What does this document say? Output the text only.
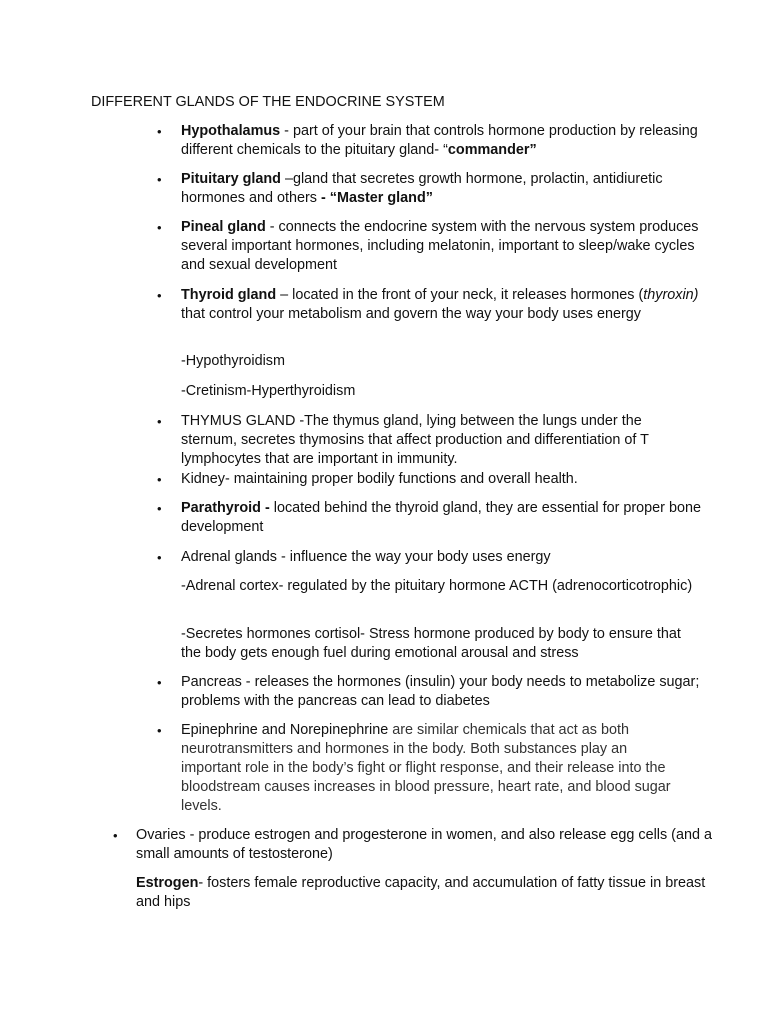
DIFFERENT GLANDS OF THE ENDOCRINE SYSTEM
• Hypothalamus - part of your brain that controls hormone production by releasing different chemicals to the pituitary gland- “commander”
• Pituitary gland –gland that secretes growth hormone, prolactin, antidiuretic hormones and others - “Master gland”
• Pineal gland - connects the endocrine system with the nervous system produces several important hormones, including melatonin, important to sleep/wake cycles and sexual development
• Thyroid gland – located in the front of your neck, it releases hormones (thyroxin) that control your metabolism and govern the way your body uses energy
-Hypothyroidism
-Cretinism-Hyperthyroidism
• THYMUS GLAND -The thymus gland, lying between the lungs under the sternum, secretes thymosins that affect production and differentiation of T lymphocytes that are important in immunity.
• Kidney- maintaining proper bodily functions and overall health.
• Parathyroid - located behind the thyroid gland, they are essential for proper bone development
• Adrenal glands - influence the way your body uses energy
-Adrenal cortex- regulated by the pituitary hormone ACTH (adrenocorticotrophic)
-Secretes hormones cortisol- Stress hormone produced by body to ensure that the body gets enough fuel during emotional arousal and stress
• Pancreas - releases the hormones (insulin) your body needs to metabolize sugar; problems with the pancreas can lead to diabetes
• Epinephrine and Norepinephrine are similar chemicals that act as both neurotransmitters and hormones in the body. Both substances play an important role in the body’s fight or flight response, and their release into the bloodstream causes increases in blood pressure, heart rate, and blood sugar levels.
• Ovaries - produce estrogen and progesterone in women, and also release egg cells (and a small amounts of testosterone)
Estrogen- fosters female reproductive capacity, and accumulation of fatty tissue in breast and hips
